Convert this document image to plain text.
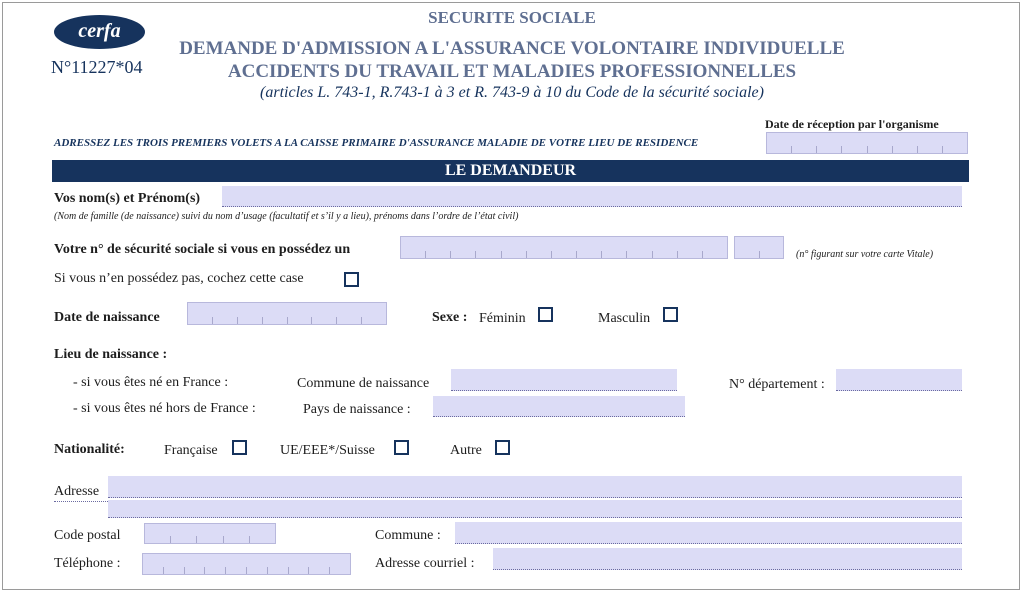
cerfa
N°11227*04
SECURITE SOCIALE
DEMANDE D'ADMISSION A L'ASSURANCE VOLONTAIRE INDIVIDUELLE
ACCIDENTS DU TRAVAIL ET MALADIES PROFESSIONNELLES
(articles L. 743-1, R.743-1 à 3 et R. 743-9 à 10 du Code de la sécurité sociale)
Date de réception par l'organisme
ADRESSEZ LES TROIS PREMIERS VOLETS A LA CAISSE PRIMAIRE D'ASSURANCE MALADIE DE VOTRE LIEU DE RESIDENCE
LE DEMANDEUR
Vos nom(s) et Prénom(s)
(Nom de famille (de naissance) suivi du nom d’usage (facultatif et s’il y a lieu), prénoms dans l’ordre de l’état civil)
Votre n° de sécurité sociale si vous en possédez un	(n° figurant sur votre carte Vitale)
Si vous n’en possédez pas, cochez cette case
Date de naissance	Sexe : Féminin	Masculin
Lieu de naissance :
- si vous êtes né en France :	Commune de naissance	N° département :
- si vous êtes né hors de France :	Pays de naissance :
Nationalité:	Française	UE/EEE*/Suisse	Autre
Adresse
Code postal	Commune :
Téléphone :	Adresse courriel :
